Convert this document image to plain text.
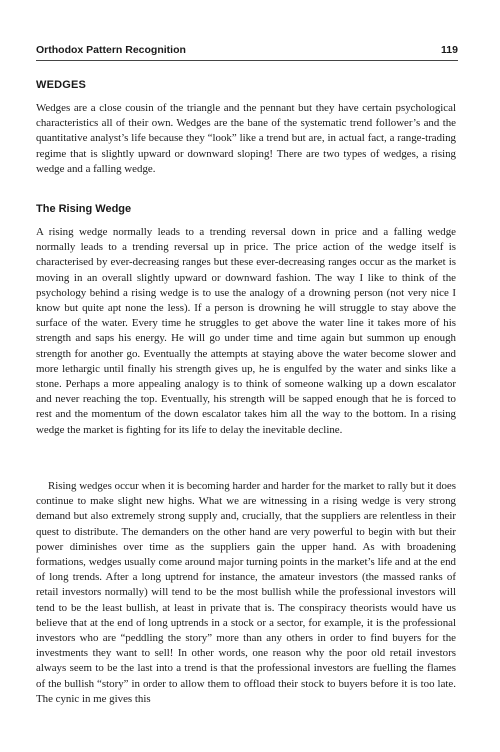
Orthodox Pattern Recognition	119
WEDGES

Wedges are a close cousin of the triangle and the pennant but they have certain psychological characteristics all of their own. Wedges are the bane of the systematic trend follower’s and the quantitative analyst’s life because they “look” like a trend but are, in actual fact, a range-trading regime that is slightly upward or downward sloping! There are two types of wedges, a rising wedge and a falling wedge.

The Rising Wedge

A rising wedge normally leads to a trending reversal down in price and a falling wedge normally leads to a trending reversal up in price. The price action of the wedge itself is characterised by ever-decreasing ranges but these ever-decreasing ranges occur as the market is moving in an overall slightly upward or downward fashion. The way I like to think of the psychology behind a rising wedge is to use the analogy of a drowning person (not very nice I know but quite apt none the less). If a person is drowning he will struggle to stay above the surface of the water. Every time he struggles to get above the water line it takes more of his strength and saps his energy. He will go under time and time again but summon up enough strength for another go. Eventually the attempts at staying above the water become slower and more lethargic until finally his strength gives up, he is engulfed by the water and sinks like a stone. Perhaps a more appealing analogy is to think of someone walking up a down escalator and never reaching the top. Eventually, his strength will be sapped enough that he is forced to rest and the momentum of the down escalator takes him all the way to the bottom. In a rising wedge the market is fighting for its life to delay the inevitable decline.

Rising wedges occur when it is becoming harder and harder for the market to rally but it does continue to make slight new highs. What we are witnessing in a rising wedge is very strong demand but also extremely strong supply and, crucially, that the suppliers are relentless in their quest to distribute. The demanders on the other hand are very powerful to begin with but their power diminishes over time as the suppliers gain the upper hand. As with broadening formations, wedges usually come around major turning points in the market’s life and at the end of long trends. After a long uptrend for instance, the amateur investors (the massed ranks of retail investors normally) will tend to be the most bullish while the professional investors will tend to be the least bullish, at least in private that is. The conspiracy theorists would have us believe that at the end of long uptrends in a stock or a sector, for example, it is the professional investors who are “peddling the story” more than any others in order to find buyers for the investments they want to sell! In other words, one reason why the poor old retail investors always seem to be the last into a trend is that the professional investors are fuelling the flames of the bullish “story” in order to allow them to offload their stock to buyers before it is too late. The cynic in me gives this
